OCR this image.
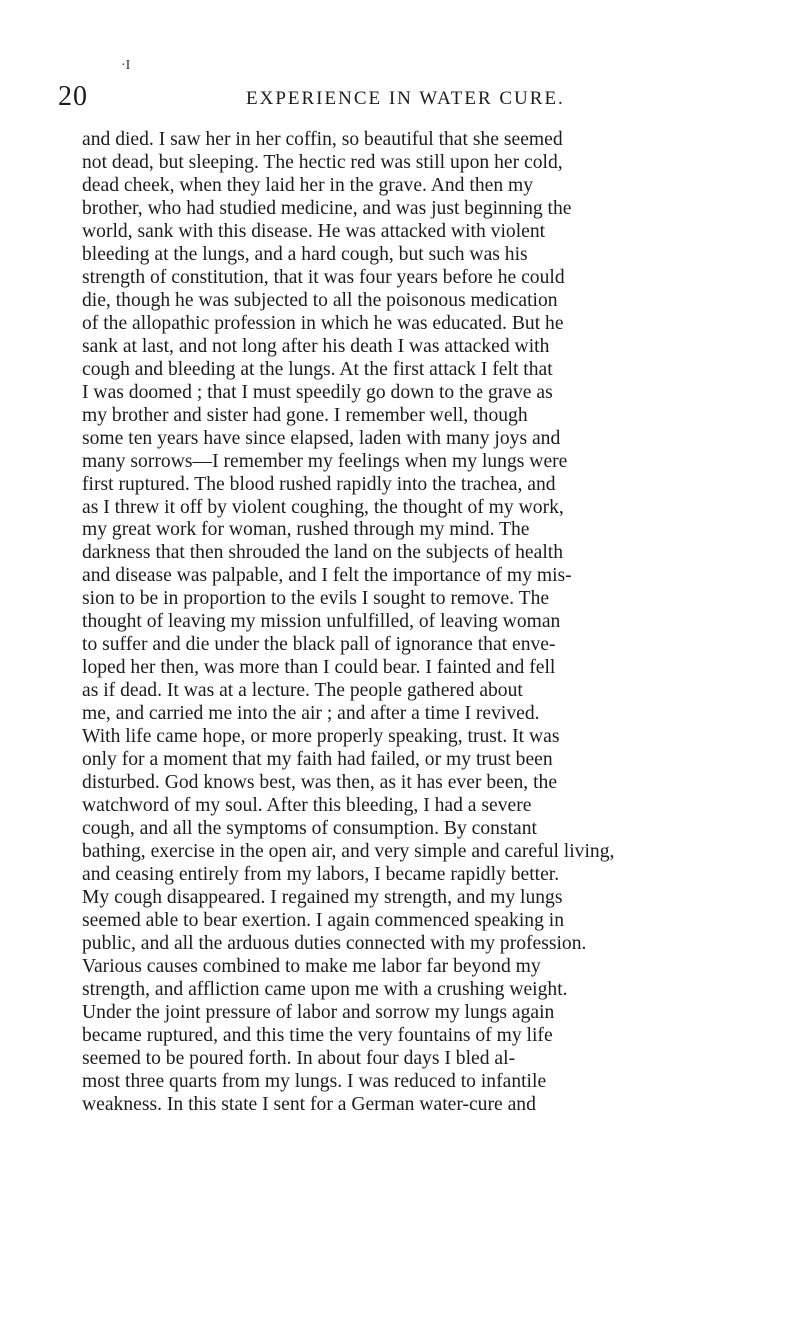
·I
20	EXPERIENCE IN WATER CURE.
and died. I saw her in her coffin, so beautiful that she seemed
not dead, but sleeping. The hectic red was still upon her cold,
dead cheek, when they laid her in the grave. And then my
brother, who had studied medicine, and was just beginning the
world, sank with this disease. He was attacked with violent
bleeding at the lungs, and a hard cough, but such was his
strength of constitution, that it was four years before he could
die, though he was subjected to all the poisonous medication
of the allopathic profession in which he was educated. But he
sank at last, and not long after his death I was attacked with
cough and bleeding at the lungs. At the first attack I felt that
I was doomed ; that I must speedily go down to the grave as
my brother and sister had gone. I remember well, though
some ten years have since elapsed, laden with many joys and
many sorrows—I remember my feelings when my lungs were
first ruptured. The blood rushed rapidly into the trachea, and
as I threw it off by violent coughing, the thought of my work,
my great work for woman, rushed through my mind. The
darkness that then shrouded the land on the subjects of health
and disease was palpable, and I felt the importance of my mis-
sion to be in proportion to the evils I sought to remove. The
thought of leaving my mission unfulfilled, of leaving woman
to suffer and die under the black pall of ignorance that enve-
loped her then, was more than I could bear. I fainted and fell
as if dead. It was at a lecture. The people gathered about
me, and carried me into the air ; and after a time I revived.
With life came hope, or more properly speaking, trust. It was
only for a moment that my faith had failed, or my trust been
disturbed. God knows best, was then, as it has ever been, the
watchword of my soul. After this bleeding, I had a severe
cough, and all the symptoms of consumption. By constant
bathing, exercise in the open air, and very simple and careful living,
and ceasing entirely from my labors, I became rapidly better.
My cough disappeared. I regained my strength, and my lungs
seemed able to bear exertion. I again commenced speaking in
public, and all the arduous duties connected with my profession.
Various causes combined to make me labor far beyond my
strength, and affliction came upon me with a crushing weight.
Under the joint pressure of labor and sorrow my lungs again
became ruptured, and this time the very fountains of my life
seemed to be poured forth. In about four days I bled al-
most three quarts from my lungs. I was reduced to infantile
weakness. In this state I sent for a German water-cure and
